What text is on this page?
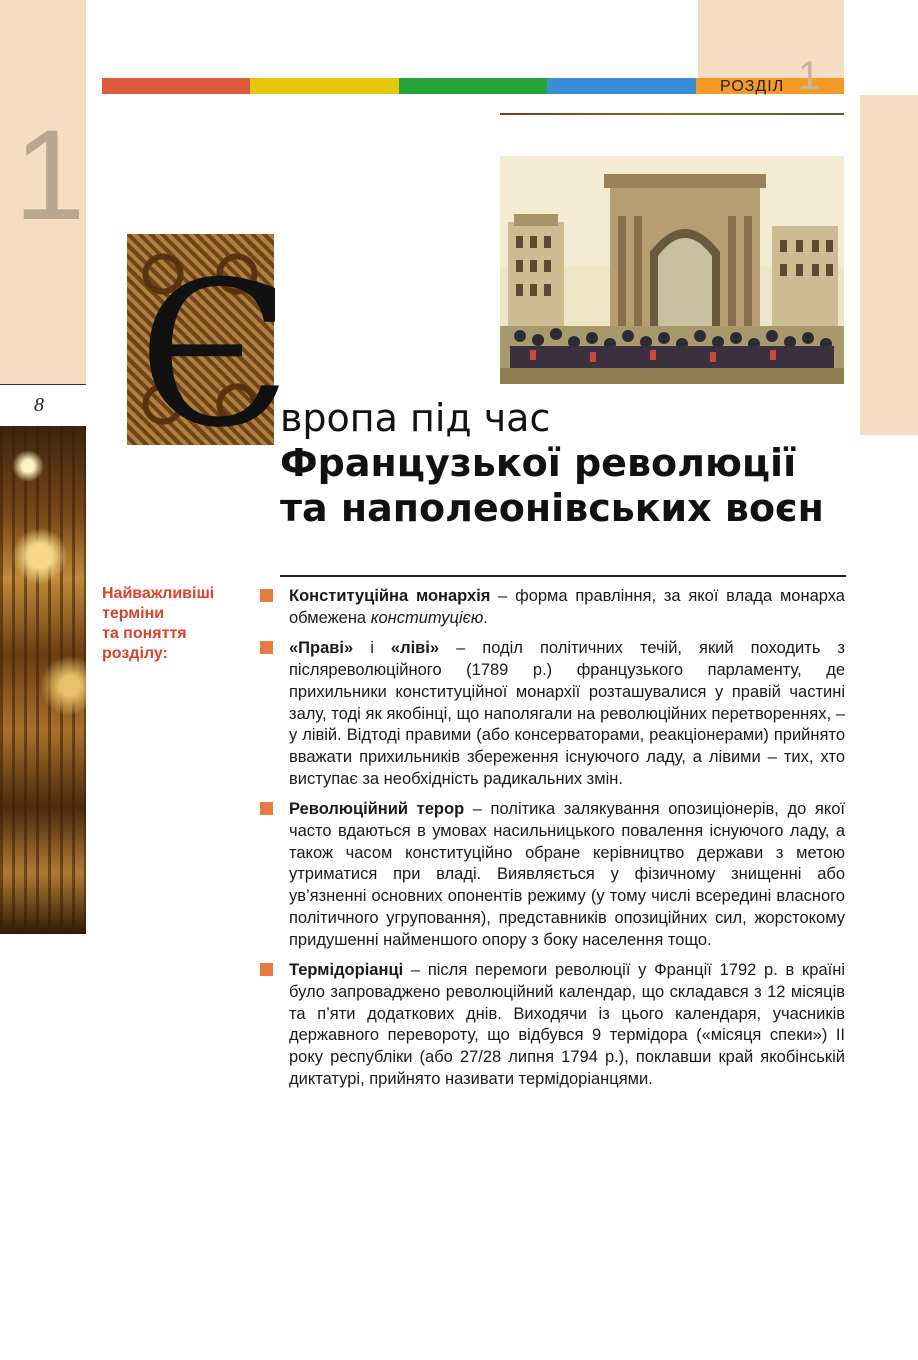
1
8
РОЗДІЛ 1
Є
вропа під час
Французької революції
та наполеонівських воєн
Найважливіші
терміни
та поняття
розділу:
Конституційна монархія – форма правління, за якої влада монарха обмежена конституцією.
«Праві» і «ліві» – поділ політичних течій, який походить з післяреволюційного (1789 р.) французького парламенту, де прихильники конституційної монархії розташувалися у правій частині залу, тоді як якобінці, що наполягали на революційних перетвореннях, – у лівій. Відтоді правими (або консерваторами, реакціонерами) прийнято вважати прихильників збереження існуючого ладу, а лівими – тих, хто виступає за необхідність радикальних змін.
Революційний терор – політика залякування опозиціонерів, до якої часто вдаються в умовах насильницького повалення існуючого ладу, а також часом конституційно обране керівництво держави з метою утриматися при владі. Виявляється у фізичному знищенні або ув’язненні основних опонентів режиму (у тому числі всередині власного політичного угруповання), представників опозиційних сил, жорстокому придушенні найменшого опору з боку населення тощо.
Термідоріанці – після перемоги революції у Франції 1792 р. в країні було запроваджено революційний календар, що складався з 12 місяців та п’яти додаткових днів. Виходячи із цього календаря, учасників державного перевороту, що відбувся 9 термідора («місяця спеки») ІІ року республіки (або 27/28 липня 1794 р.), поклавши край якобінській диктатурі, прийнято називати термідоріанцями.
